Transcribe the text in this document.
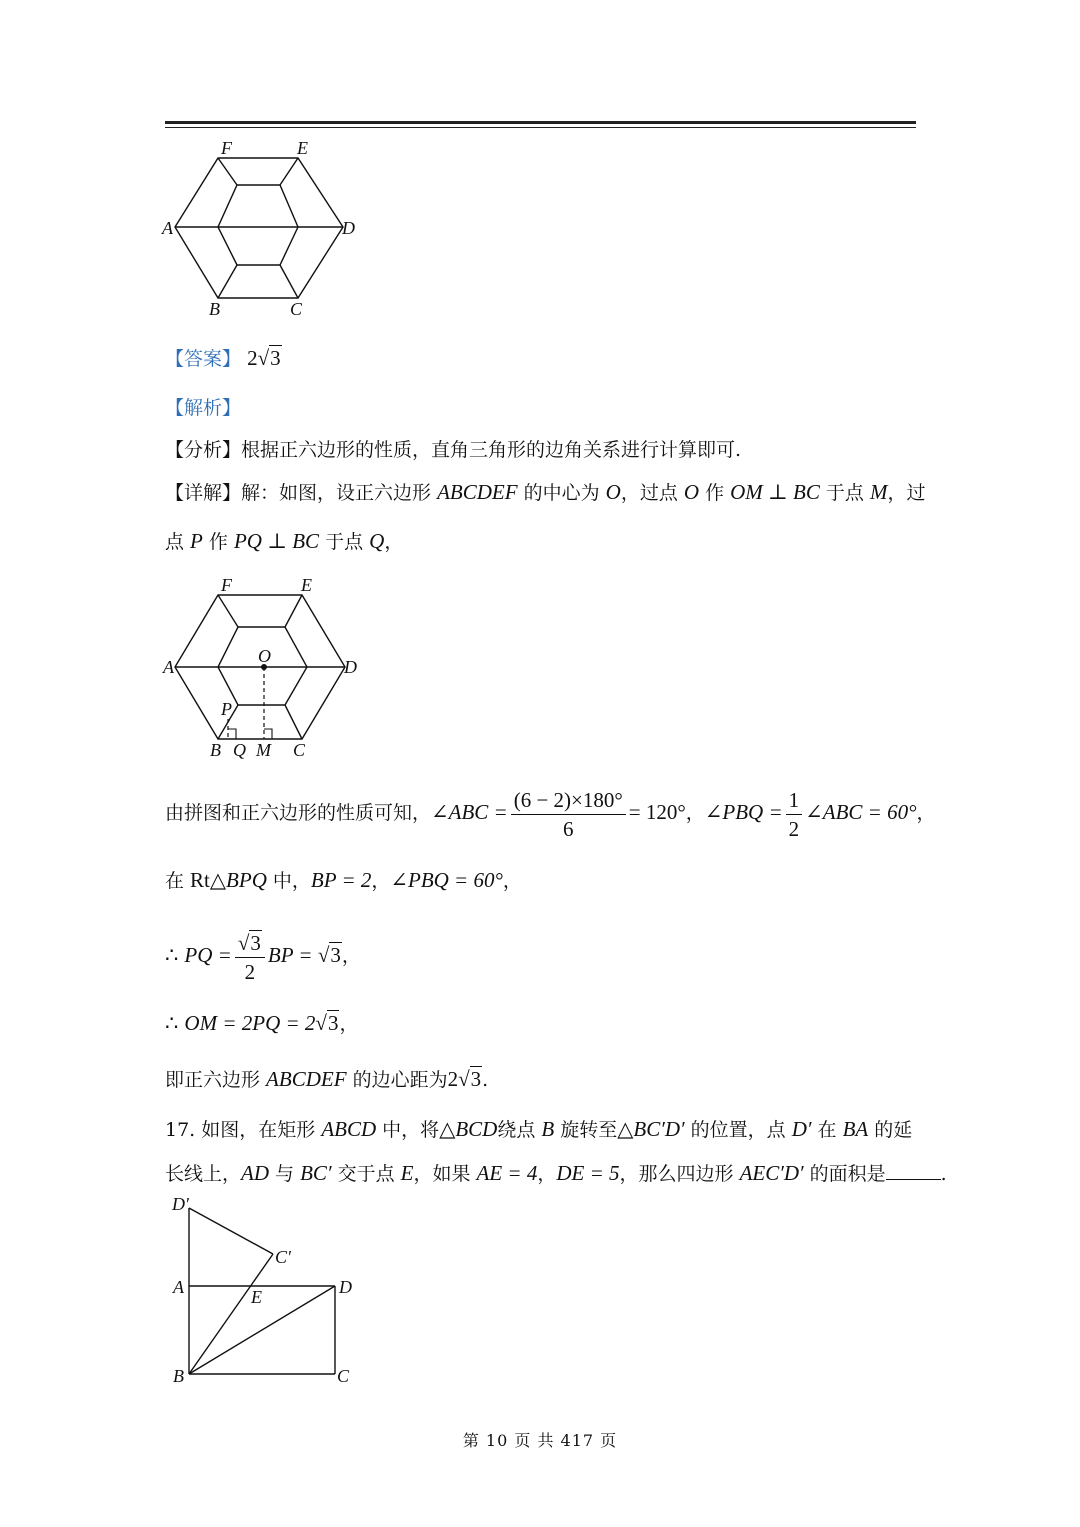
F	E
A	D
B	C
【答案】 2√3
【解析】
【分析】根据正六边形的性质，直角三角形的边角关系进行计算即可.
【详解】解：如图，设正六边形 ABCDEF 的中心为 O，过点 O 作 OM ⊥ BC 于点 M，过
点 P 作 PQ ⊥ BC 于点 Q，
F	E
A	D
O
P
B Q M C
由拼图和正六边形的性质可知，∠ABC = $\frac{(6 - 2)\times 180^\circ}{6} = 120^\circ$，∠PBQ = $\frac{1}{2}$ ∠ABC = 60°，
在 Rt△BPQ 中，BP = 2，∠PBQ = 60°，
∴ PQ = $\frac{√3}{2}$ BP = √3，
∴ OM = 2PQ = 2√3，
即正六边形 ABCDEF 的边心距为2√3.
17. 如图，在矩形 ABCD 中，将△BCD绕点 B 旋转至△BC′D′ 的位置，点 D′ 在 BA 的延
长线上，AD 与 BC′ 交于点 E，如果 AE = 4，DE = 5，那么四边形 AEC′D′ 的面积是	.
D′
C′
A	E	D
B	C
第 10 页 共 417 页
